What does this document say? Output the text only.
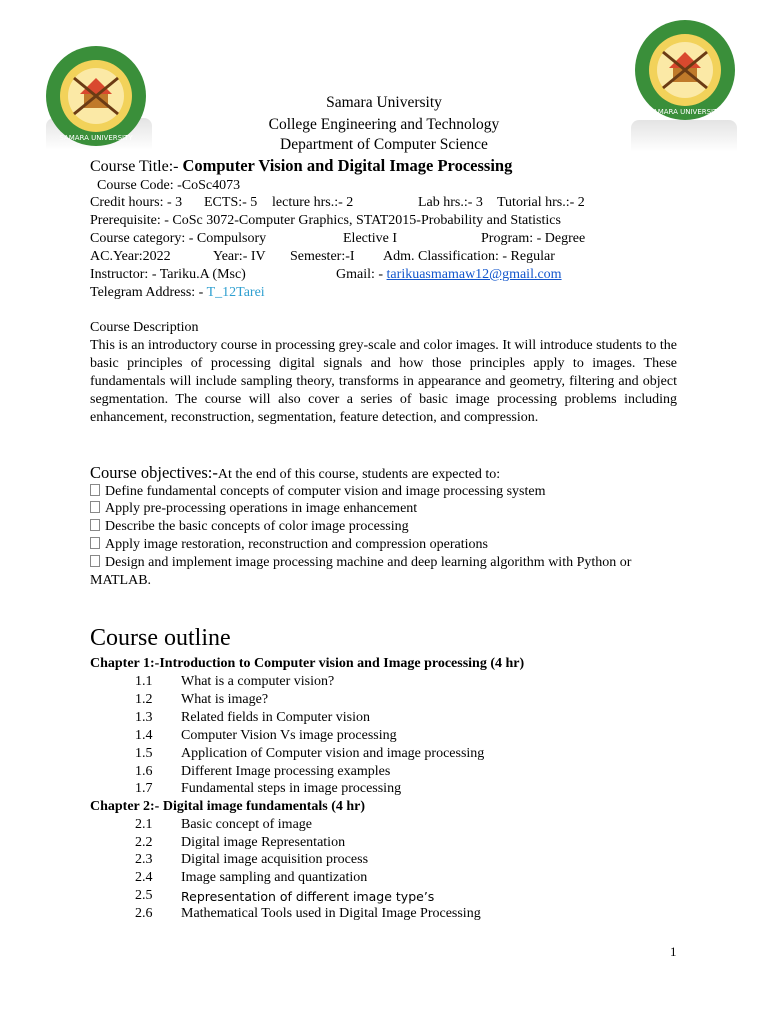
SAMARA UNIVERSITY
SAMARA UNIVERSITY
Samara University
College Engineering and Technology
Department of Computer Science
Course Title:- Computer Vision and Digital Image Processing
Course Code: -CoSc4073
Credit hours: - 3 ECTS:- 5 lecture hrs.:- 2	Lab hrs.:- 3 Tutorial hrs.:- 2
Prerequisite: - CoSc 3072-Computer Graphics, STAT2015-Probability and Statistics
Course category: - Compulsory	Elective I	Program: - Degree
AC.Year:2022	Year:- IV Semester:-I Adm. Classification: - Regular
Instructor: - Tariku.A (Msc)	Gmail: - tarikuasmamaw12@gmail.com
Telegram Address: - T_12Tarei
Course Description
This is an introductory course in processing grey-scale and color images. It will introduce students to the basic principles of processing digital signals and how those principles apply to images. These fundamentals will include sampling theory, transforms in appearance and geometry, filtering and object segmentation. The course will also cover a series of basic image processing problems including enhancement, reconstruction, segmentation, feature detection, and compression.
Course objectives:-At the end of this course, students are expected to:
Define fundamental concepts of computer vision and image processing system
Apply pre-processing operations in image enhancement
Describe the basic concepts of color image processing
Apply image restoration, reconstruction and compression operations
Design and implement image processing machine and deep learning algorithm with Python or
MATLAB.
Course outline
Chapter 1:-Introduction to Computer vision and Image processing (4 hr)
1.1 What is a computer vision?
1.2 What is image?
1.3 Related fields in Computer vision
1.4 Computer Vision Vs image processing
1.5 Application of Computer vision and image processing
1.6 Different Image processing examples
1.7 Fundamental steps in image processing
Chapter 2:- Digital image fundamentals (4 hr)
2.1 Basic concept of image
2.2 Digital image Representation
2.3 Digital image acquisition process
2.4 Image sampling and quantization
2.5 Representation of different image type’s
2.6 Mathematical Tools used in Digital Image Processing
1
